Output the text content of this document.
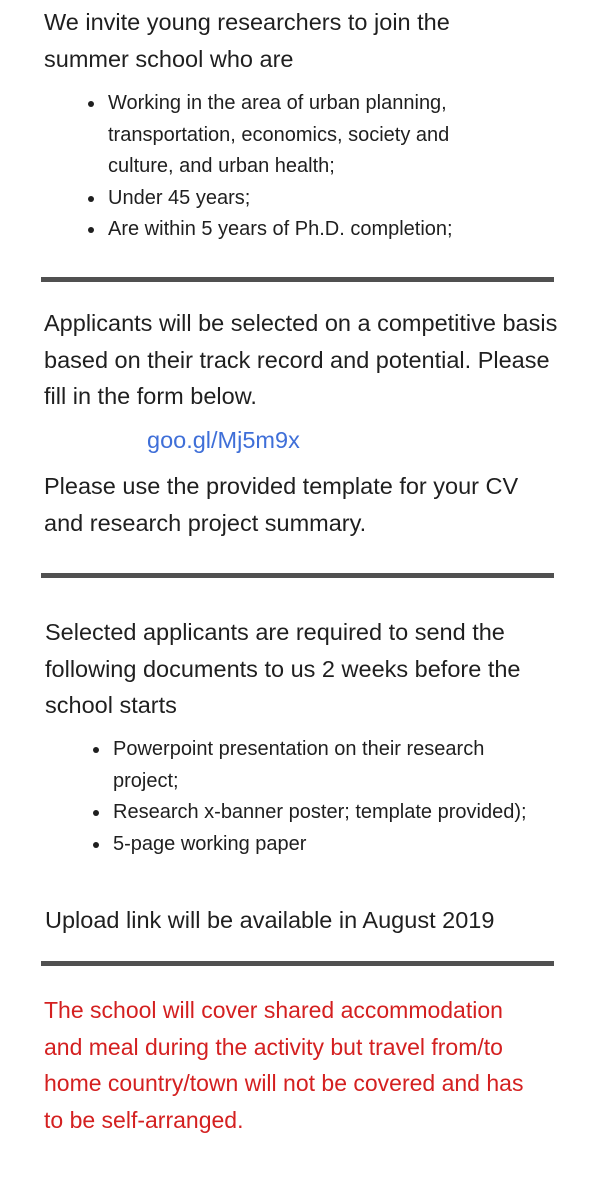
We invite young researchers to join the summer school who are

Working in the area of urban planning, transportation, economics, society and culture, and urban health;
Under 45 years;
Are within 5 years of Ph.D. completion;

Applicants will be selected on a competitive basis based on their track record and potential. Please fill in the form below.

goo.gl/Mj5m9x

Please use the provided template for your CV and research project summary.

Selected applicants are required to send the following documents to us 2 weeks before the school starts

Powerpoint presentation on their research project;
Research x-banner poster; template provided);
5-page working paper

Upload link will be available in August 2019

The school will cover shared accommodation and meal during the activity but travel from/to home country/town will not be covered and has to be self-arranged.
